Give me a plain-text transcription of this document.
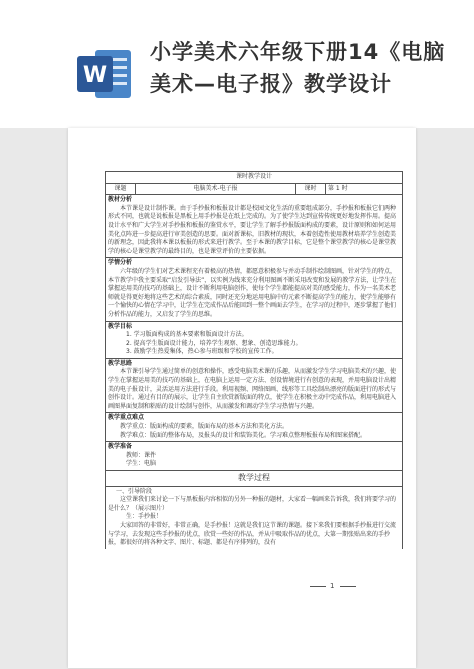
W
小学美术六年级下册14《电脑美术—电子报》教学设计
课时教学设计
课题	电脑美术-电子报	课时	第 1 时

教材分析

本节课是设计制作课。由于手抄报和板报设计都是校园文化生活的重要组成部分，手抄报和板报它们两种形式不同，也就是说板报是黑板上用手抄报是在纸上完成的。为了使学生达到宣传传统更好地发挥作用。提高设计水平和广大学生对手抄报和板报的鉴赏水平，要让学生了解手抄报版面构成的要素，设计原则和如何运用美化点阵进一步提高进行审美创造的思要。面对新课标，旧教材的现状，本着创造性使用教材培养学生创造美的新理念，因此我将本课以板报的形式来进行教学。至于本课的教学目标，它是整个课堂教学的核心是课堂教学的核心是课堂教学的最终目的，也是课堂评价的主要依据。

学情分析

六年级的学生们对艺术课程充有着极高的热情，都愿意积极参与并动手制作绘制图画，针对学生的特点，本节教学中我主要采取“启发引导法”，以实例为线来充分利用图画不断采用改变和发展的教学方法，让学生在掌握运用美的技巧的基础上，设计不断利用电脑创作，使每个学生都能提高对美的感受能力，作为一名美术老师就是得更好地将这些艺术的综合素质，同时还充分地运用电脑中的元素不断提高学生的能力，使学生能够有一个愉快的心情在学习中，让学生在完成作品后能回到一整个画面去学生，在学习的过程中，逐步掌握了他们分析作品的能力，又启发了学生的思维。

教学目标

1. 学习版面构成的基本要素和版面设计方法。

2. 提高学生版面设计能力，培养学生观察、想象、创造思维能力。

3. 鼓励学生热爱集体，热心参与班级和学校的宣传工作。

教学思路

本节课引导学生通过简单的创意和操作，感受电脑美术课的乐趣，从而激发学生学习电脑美术的兴趣，使学生在掌握运用美的技巧的基础上，在电脑上运用一定方法、创设情境进行有创意的表现，并用电脑设计出精美的电子报设计，灵活运用方法进行手段。利用视频、网络图画、线形等工具绘制出漂亮的版面进行的形式与创作设计。通过有目的的展示，让学生自主欣赏新版面的特点，使学生在积极主动中完成作品，利用电脑进入画图界面复制和粘贴的设计绘制与创作，从而激发和调动学生学习热情与兴趣。

教学重点难点

教学重点：版面构成的要素，版面布局的基本方法和美化方法。

教学难点：版面的整体布局，及报头的设计和装饰美化。学习难点整理板报布局和图案搭配。

教学准备

教师：课件

学生：电脑

教学过程

一、引导阶段

这堂课我们来讨论一下与黑板报内容相似的另外一种报的题材，大家看一幅画来告诉我，我们将要学习的是什么？（展示图片）

生：手抄报！

大家回答的非常好，非常正确，是手抄报！这就是我们这节课的课题。接下来我们要根据手抄报进行交流与学习，去发现这些手抄报的优点，欣赏一些好的作品，并从中吸取作品的优点，大第一期张贴出来的手抄报，都很好的将各种文字、图片、标题、都是有序排列的，没有

1
